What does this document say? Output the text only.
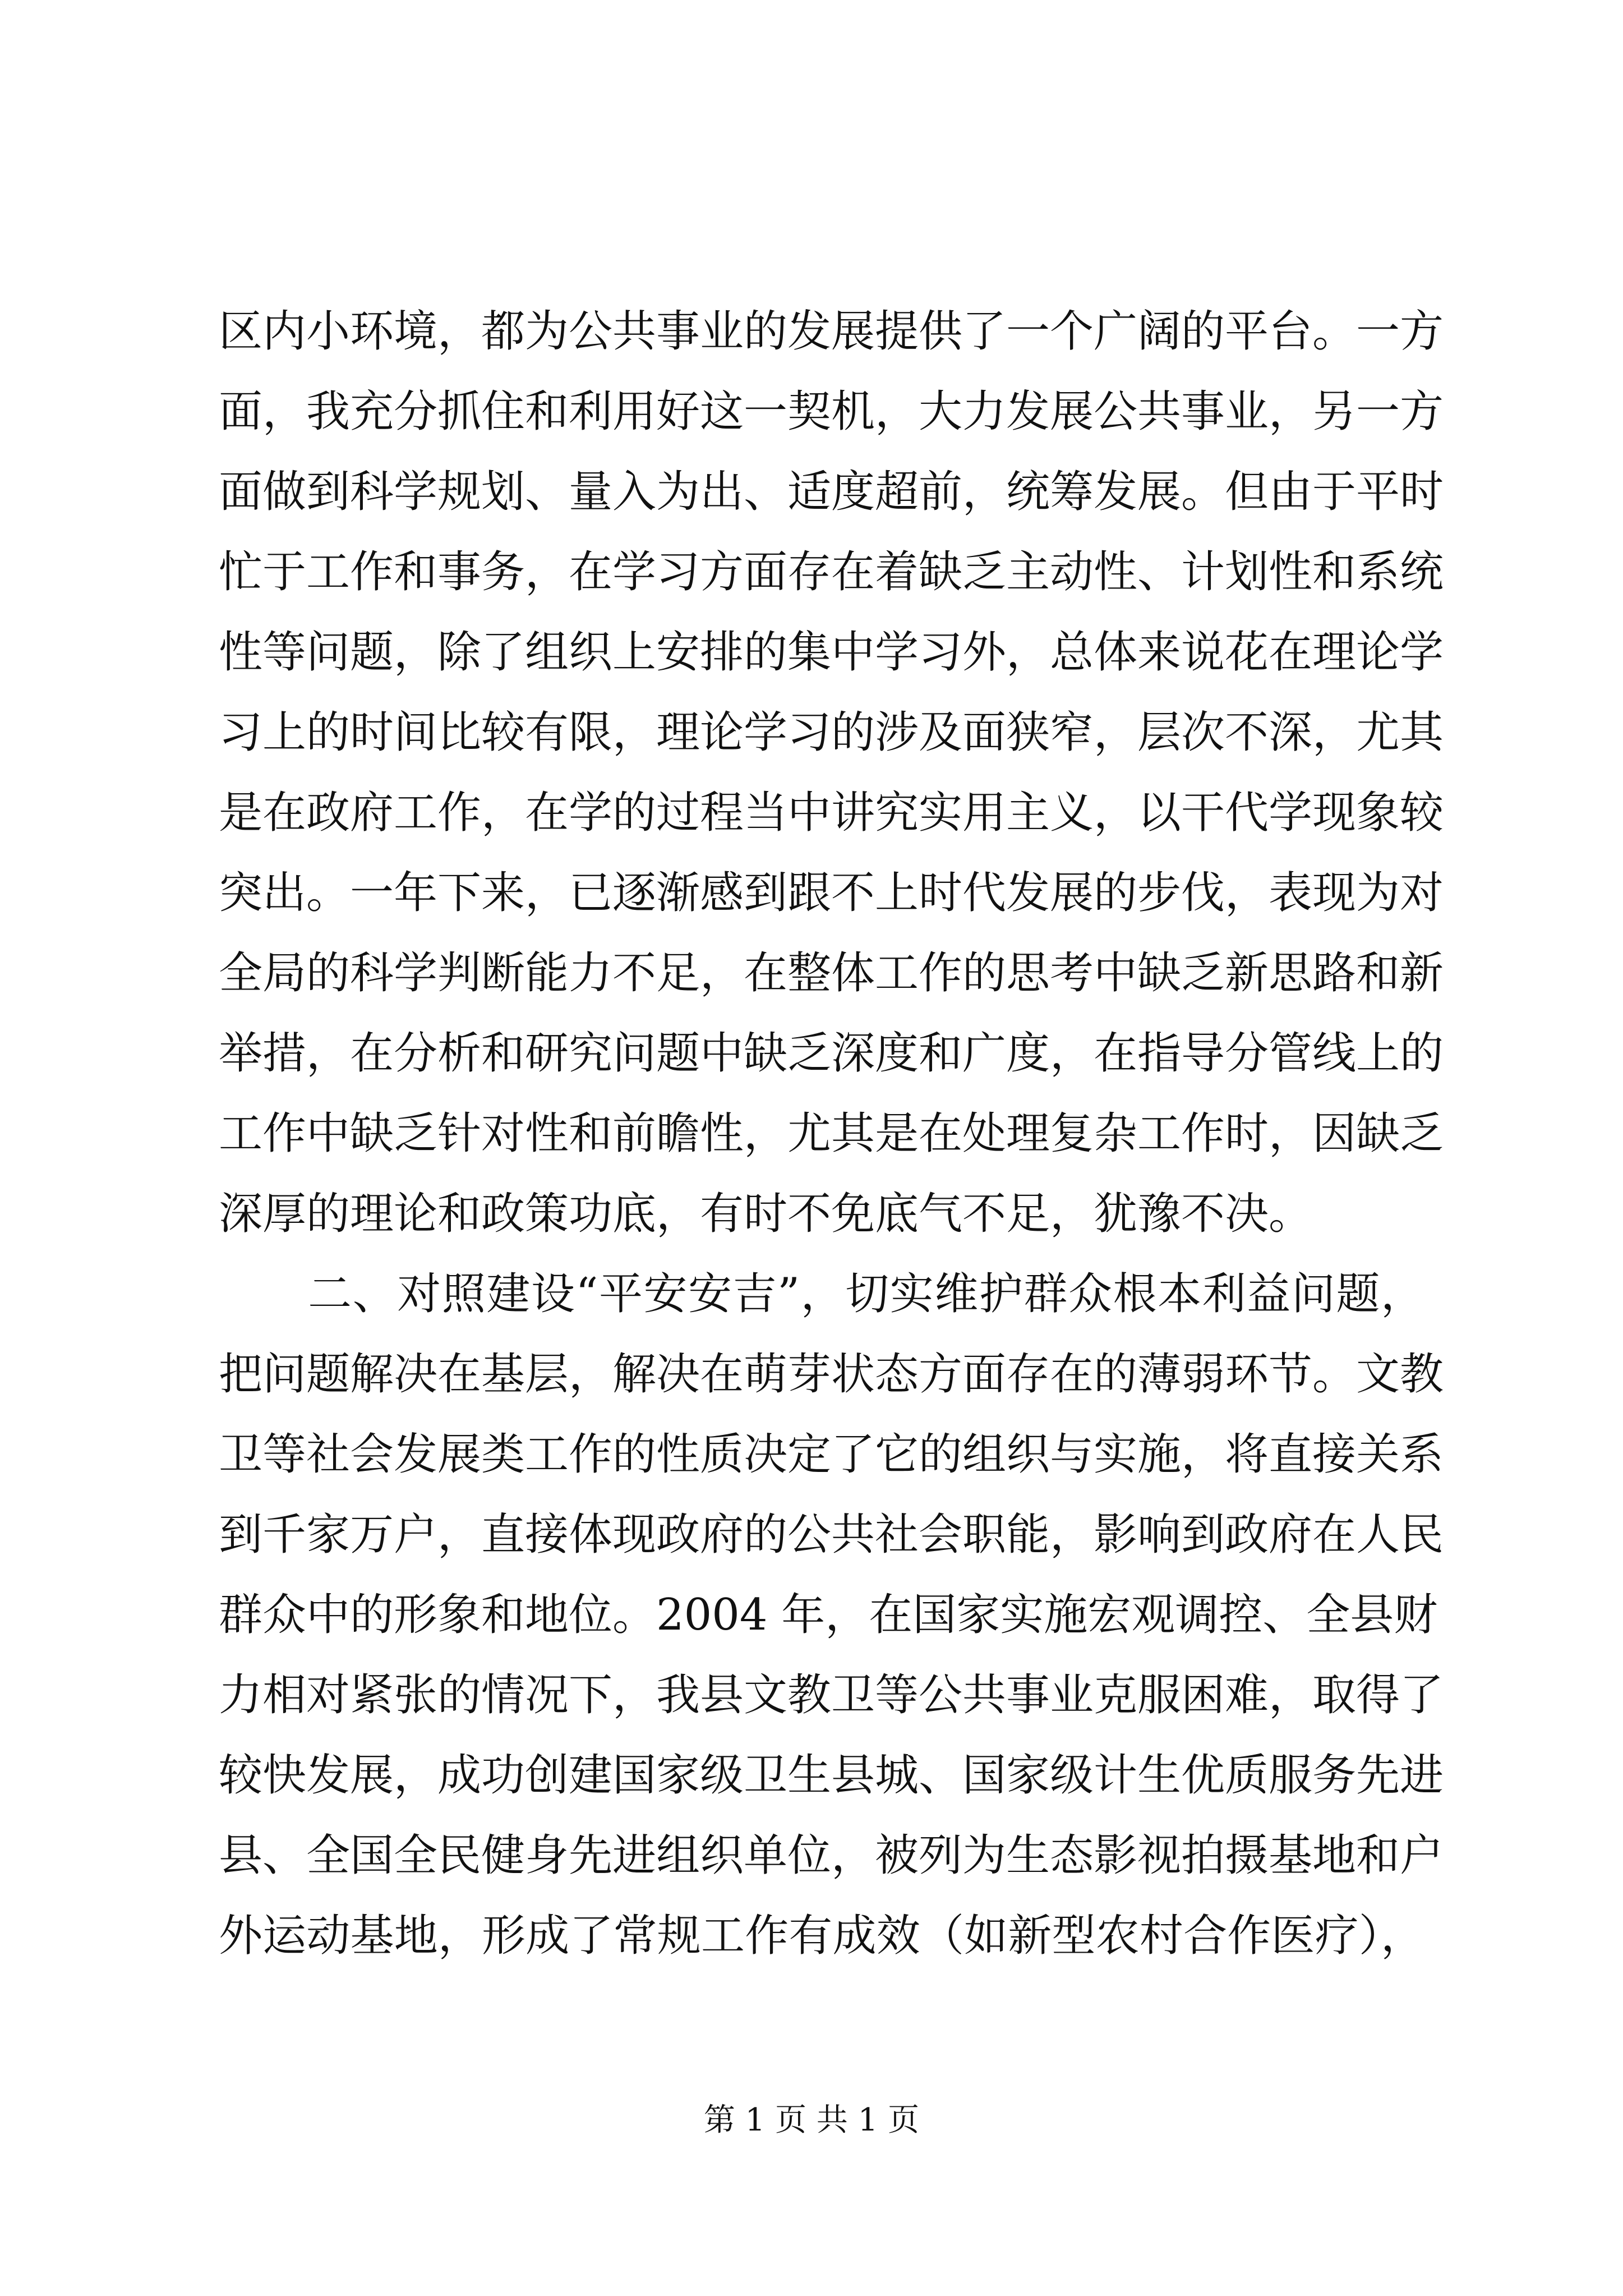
区内小环境，都为公共事业的发展提供了一个广阔的平台。一方
面，我充分抓住和利用好这一契机，大力发展公共事业，另一方
面做到科学规划、量入为出、适度超前，统筹发展。但由于平时
忙于工作和事务，在学习方面存在着缺乏主动性、计划性和系统
性等问题，除了组织上安排的集中学习外，总体来说花在理论学
习上的时间比较有限，理论学习的涉及面狭窄，层次不深，尤其
是在政府工作，在学的过程当中讲究实用主义，以干代学现象较
突出。一年下来，已逐渐感到跟不上时代发展的步伐，表现为对
全局的科学判断能力不足，在整体工作的思考中缺乏新思路和新
举措，在分析和研究问题中缺乏深度和广度，在指导分管线上的
工作中缺乏针对性和前瞻性，尤其是在处理复杂工作时，因缺乏
深厚的理论和政策功底，有时不免底气不足，犹豫不决。
　　二、对照建设“平安安吉”，切实维护群众根本利益问题，
把问题解决在基层，解决在萌芽状态方面存在的薄弱环节。文教
卫等社会发展类工作的性质决定了它的组织与实施，将直接关系
到千家万户，直接体现政府的公共社会职能，影响到政府在人民
群众中的形象和地位。2004 年，在国家实施宏观调控、全县财
力相对紧张的情况下，我县文教卫等公共事业克服困难，取得了
较快发展，成功创建国家级卫生县城、国家级计生优质服务先进
县、全国全民健身先进组织单位，被列为生态影视拍摄基地和户
外运动基地，形成了常规工作有成效（如新型农村合作医疗），
第 1 页 共 1 页
